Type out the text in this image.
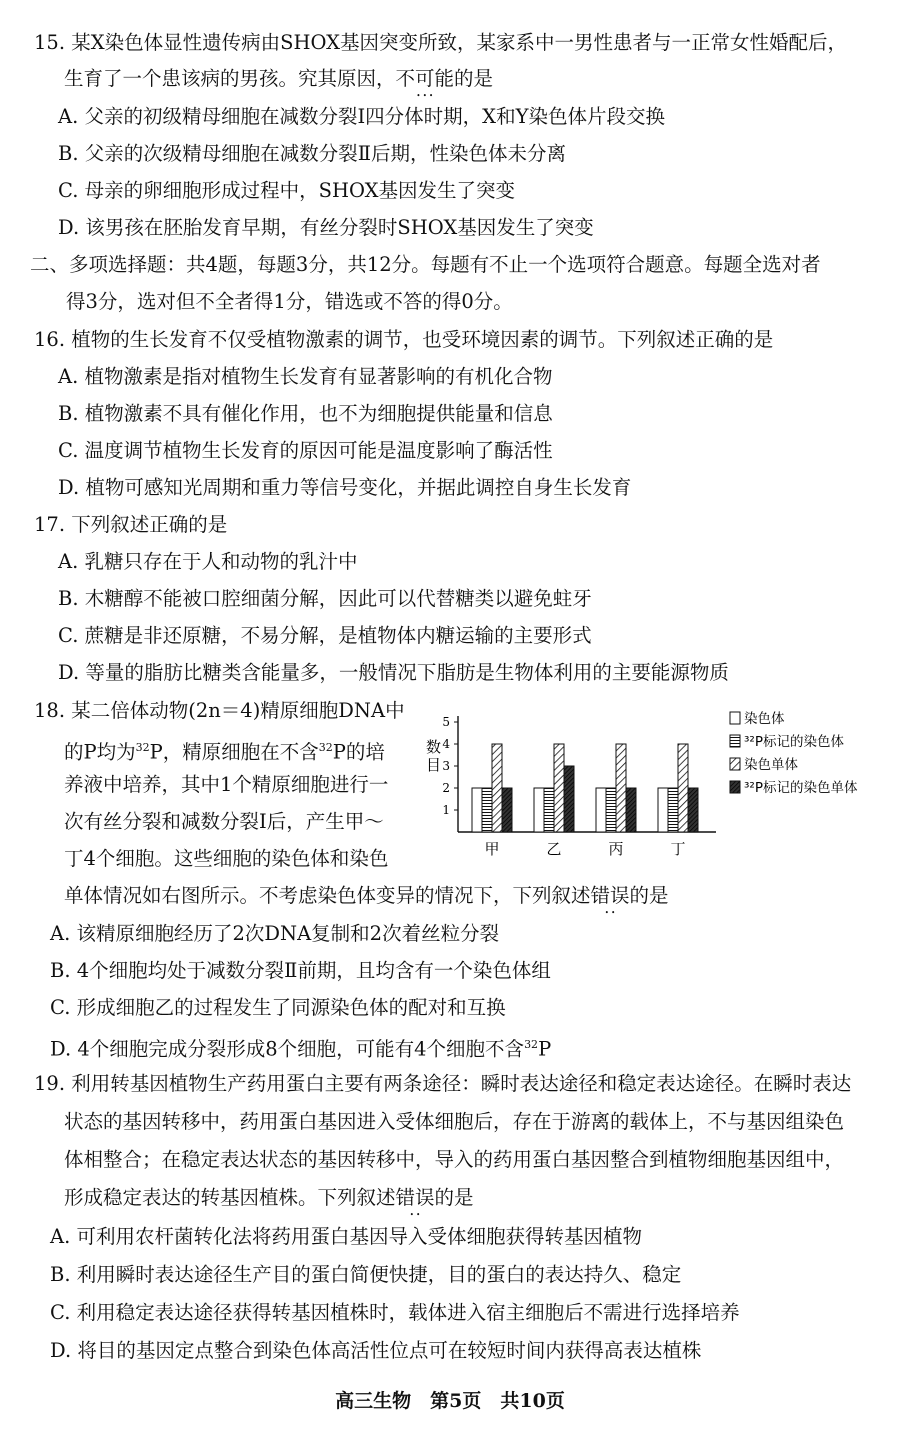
15. 某X染色体显性遗传病由SHOX基因突变所致，某家系中一男性患者与一正常女性婚配后，
生育了一个患该病的男孩。究其原因，不可能 • • •的是
A. 父亲的初级精母细胞在减数分裂Ⅰ四分体时期，X和Y染色体片段交换
B. 父亲的次级精母细胞在减数分裂Ⅱ后期，性染色体未分离
C. 母亲的卵细胞形成过程中，SHOX基因发生了突变
D. 该男孩在胚胎发育早期，有丝分裂时SHOX基因发生了突变
二、多项选择题：共4题，每题3分，共12分。每题有不止一个选项符合题意。每题全选对者
得3分，选对但不全者得1分，错选或不答的得0分。
16. 植物的生长发育不仅受植物激素的调节，也受环境因素的调节。下列叙述正确的是
A. 植物激素是指对植物生长发育有显著影响的有机化合物
B. 植物激素不具有催化作用，也不为细胞提供能量和信息
C. 温度调节植物生长发育的原因可能是温度影响了酶活性
D. 植物可感知光周期和重力等信号变化，并据此调控自身生长发育
17. 下列叙述正确的是
A. 乳糖只存在于人和动物的乳汁中
B. 木糖醇不能被口腔细菌分解，因此可以代替糖类以避免蛀牙
C. 蔗糖是非还原糖，不易分解，是植物体内糖运输的主要形式
D. 等量的脂肪比糖类含能量多，一般情况下脂肪是生物体利用的主要能源物质
18. 某二倍体动物(2n＝4)精原细胞DNA中
的P均为$^{32}$P，精原细胞在不含$^{32}$P的培
养液中培养，其中1个精原细胞进行一
次有丝分裂和减数分裂Ⅰ后，产生甲～
丁4个细胞。这些细胞的染色体和染色
单体情况如右图所示。不考虑染色体变异的情况下，下列叙述错误 • •的是
A. 该精原细胞经历了2次DNA复制和2次着丝粒分裂
B. 4个细胞均处于减数分裂Ⅱ前期，且均含有一个染色体组
C. 形成细胞乙的过程发生了同源染色体的配对和互换
D. 4个细胞完成分裂形成8个细胞，可能有4个细胞不含$^{32}$P
1
2
3
4
5
数
目
甲	乙	丙	丁
染色体
³²P标记的染色体
染色单体
³²P标记的染色单体
19. 利用转基因植物生产药用蛋白主要有两条途径：瞬时表达途径和稳定表达途径。在瞬时表达
状态的基因转移中，药用蛋白基因进入受体细胞后，存在于游离的载体上，不与基因组染色
体相整合；在稳定表达状态的基因转移中，导入的药用蛋白基因整合到植物细胞基因组中，
形成稳定表达的转基因植株。下列叙述错误 • •的是
A. 可利用农杆菌转化法将药用蛋白基因导入受体细胞获得转基因植物
B. 利用瞬时表达途径生产目的蛋白简便快捷，目的蛋白的表达持久、稳定
C. 利用稳定表达途径获得转基因植株时，载体进入宿主细胞后不需进行选择培养
D. 将目的基因定点整合到染色体高活性位点可在较短时间内获得高表达植株
高三生物　第5页　共10页
